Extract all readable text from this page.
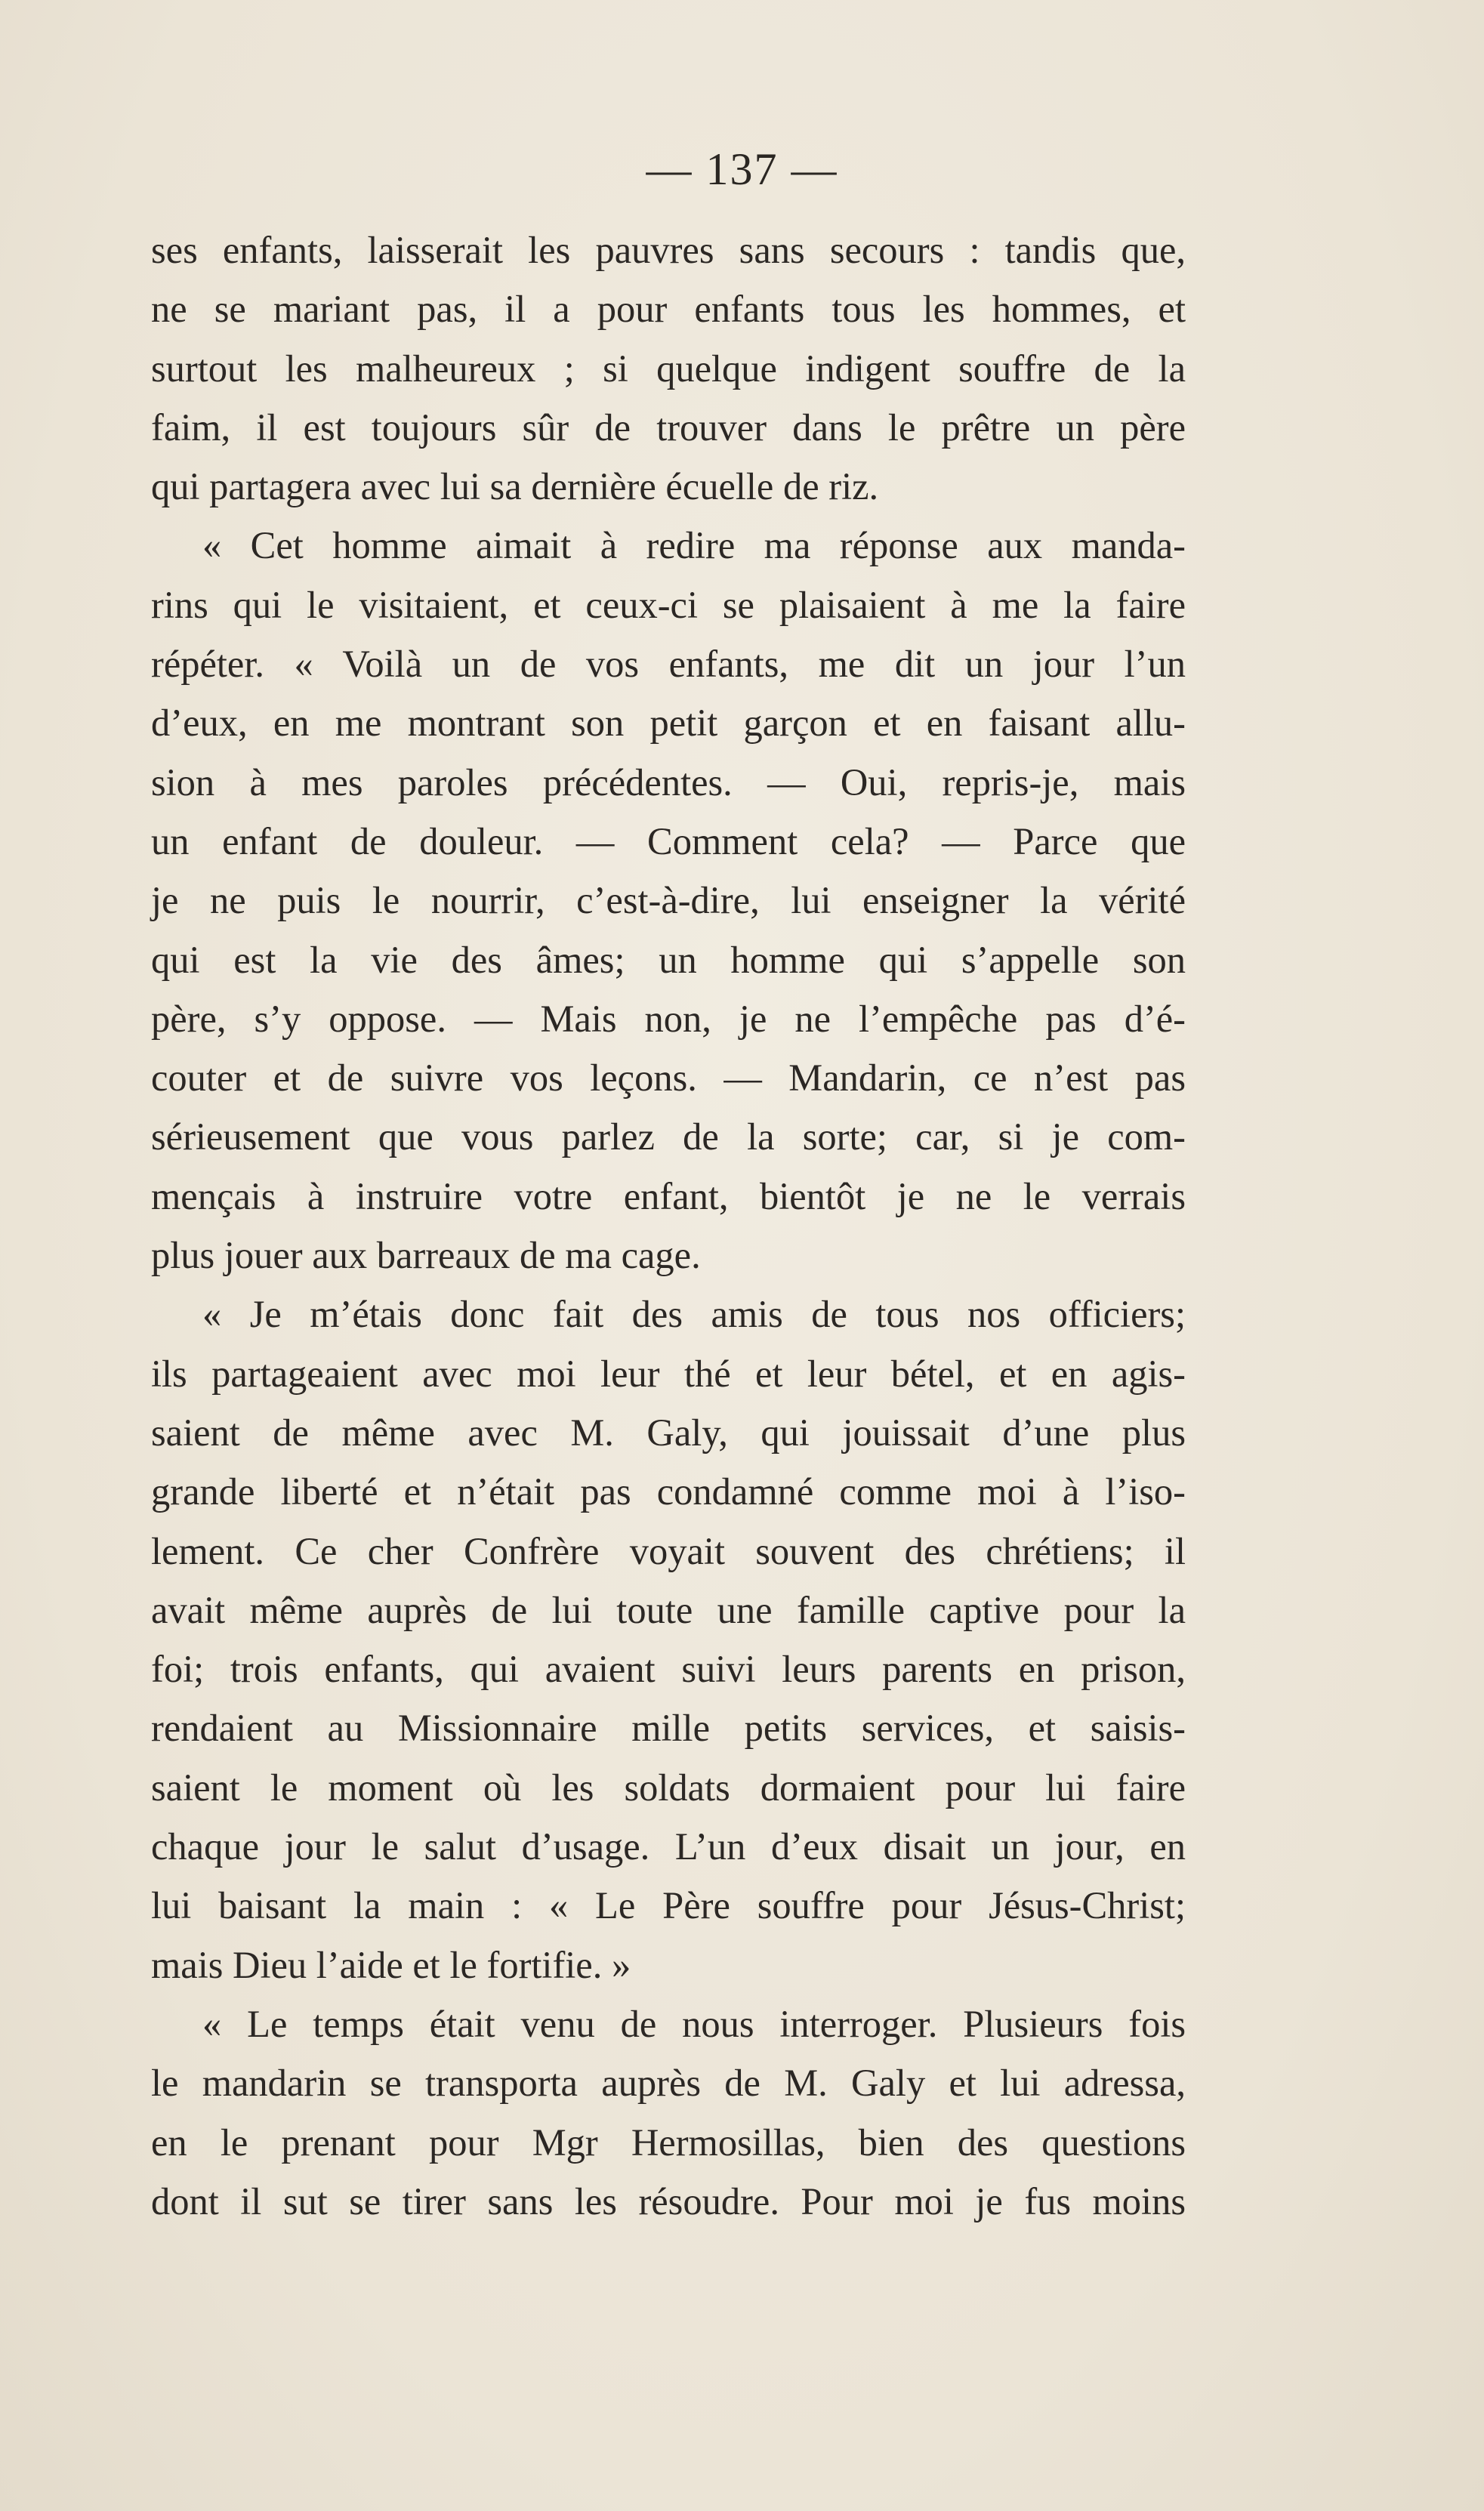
— 137 —
ses enfants, laisserait les pauvres sans secours : tandis que,
ne se mariant pas, il a pour enfants tous les hommes, et
surtout les malheureux ; si quelque indigent souffre de la
faim, il est toujours sûr de trouver dans le prêtre un père
qui partagera avec lui sa dernière écuelle de riz.
« Cet homme aimait à redire ma réponse aux manda-
rins qui le visitaient, et ceux-ci se plaisaient à me la faire
répéter. « Voilà un de vos enfants, me dit un jour l’un
d’eux, en me montrant son petit garçon et en faisant allu-
sion à mes paroles précédentes. — Oui, repris-je, mais
un enfant de douleur. — Comment cela? — Parce que
je ne puis le nourrir, c’est-à-dire, lui enseigner la vérité
qui est la vie des âmes; un homme qui s’appelle son
père, s’y oppose. — Mais non, je ne l’empêche pas d’é-
couter et de suivre vos leçons. — Mandarin, ce n’est pas
sérieusement que vous parlez de la sorte; car, si je com-
mençais à instruire votre enfant, bientôt je ne le verrais
plus jouer aux barreaux de ma cage.
« Je m’étais donc fait des amis de tous nos officiers;
ils partageaient avec moi leur thé et leur bétel, et en agis-
saient de même avec M. Galy, qui jouissait d’une plus
grande liberté et n’était pas condamné comme moi à l’iso-
lement. Ce cher Confrère voyait souvent des chrétiens; il
avait même auprès de lui toute une famille captive pour la
foi; trois enfants, qui avaient suivi leurs parents en prison,
rendaient au Missionnaire mille petits services, et saisis-
saient le moment où les soldats dormaient pour lui faire
chaque jour le salut d’usage. L’un d’eux disait un jour, en
lui baisant la main : « Le Père souffre pour Jésus-Christ;
mais Dieu l’aide et le fortifie. »
« Le temps était venu de nous interroger. Plusieurs fois
le mandarin se transporta auprès de M. Galy et lui adressa,
en le prenant pour Mgr Hermosillas, bien des questions
dont il sut se tirer sans les résoudre. Pour moi je fus moins
